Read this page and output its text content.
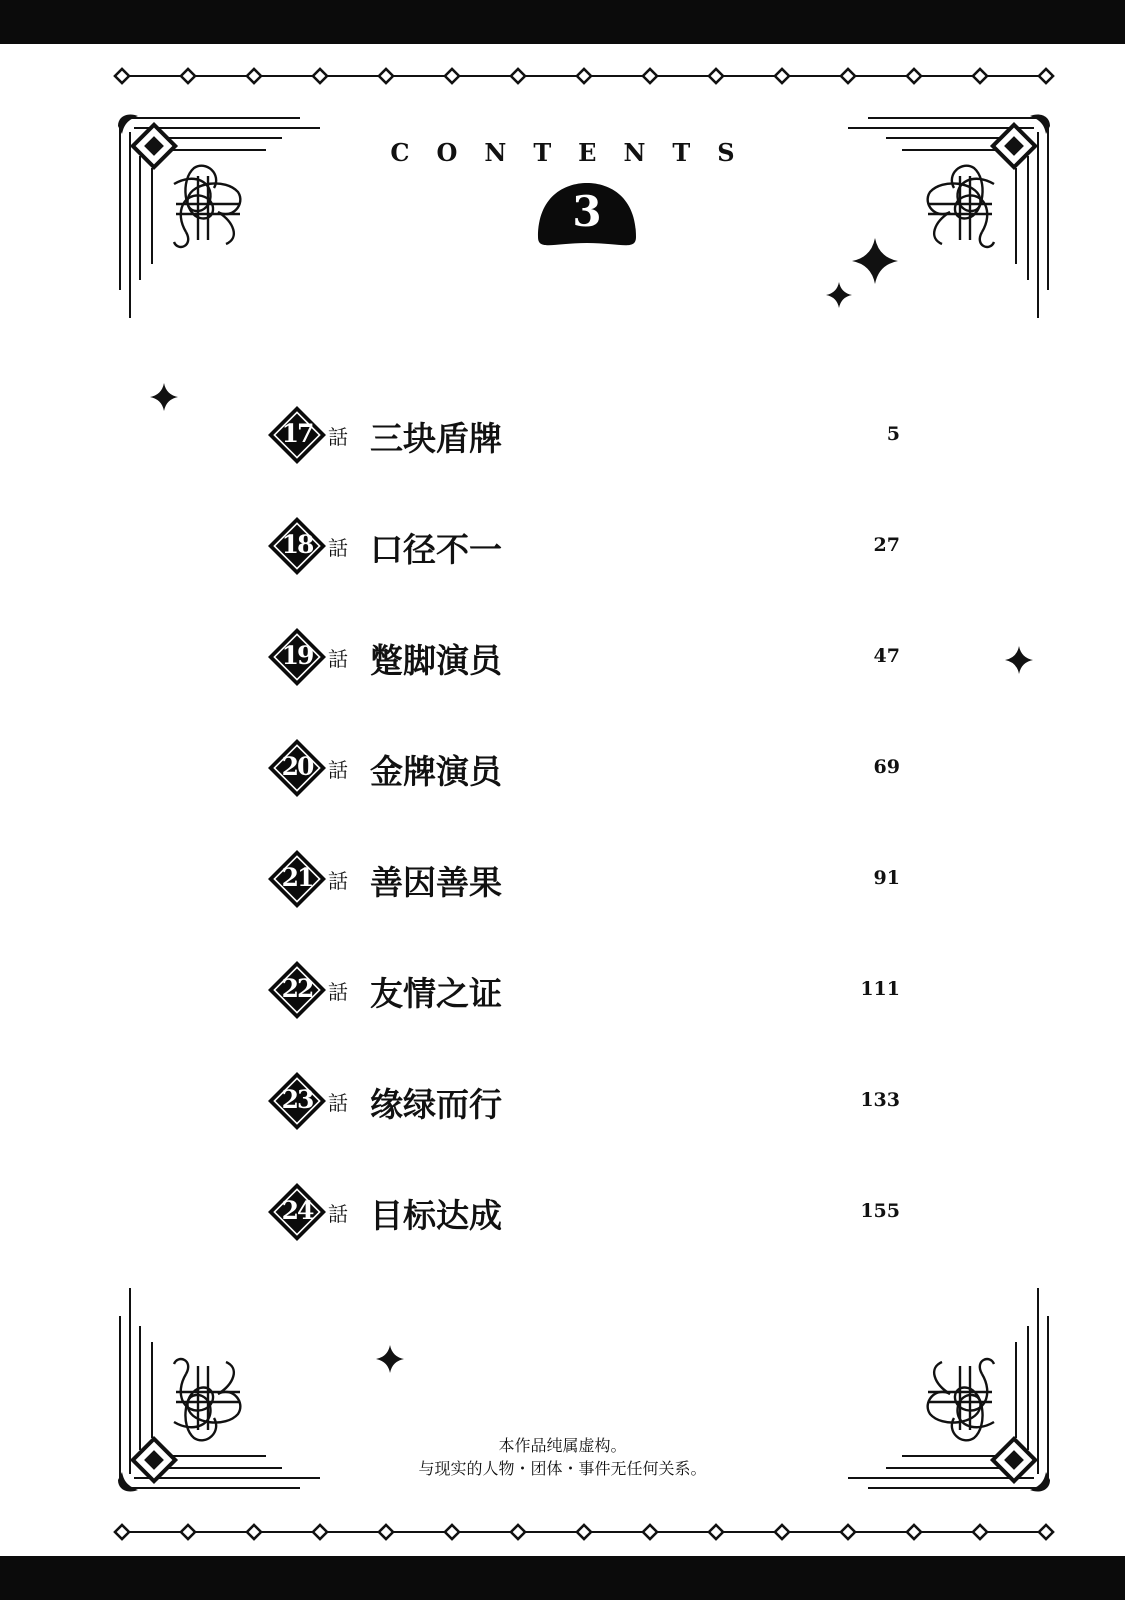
CONTENTS
3
17 話 三块盾牌	5
18 話 口径不一	27
19 話 蹩脚演员	47
20 話 金牌演员	69
21 話 善因善果	91
22 話 友情之证	111
23 話 缘绿而行	133
24 話 目标达成	155
本作品纯属虚构。
与现实的人物・团体・事件无任何关系。
